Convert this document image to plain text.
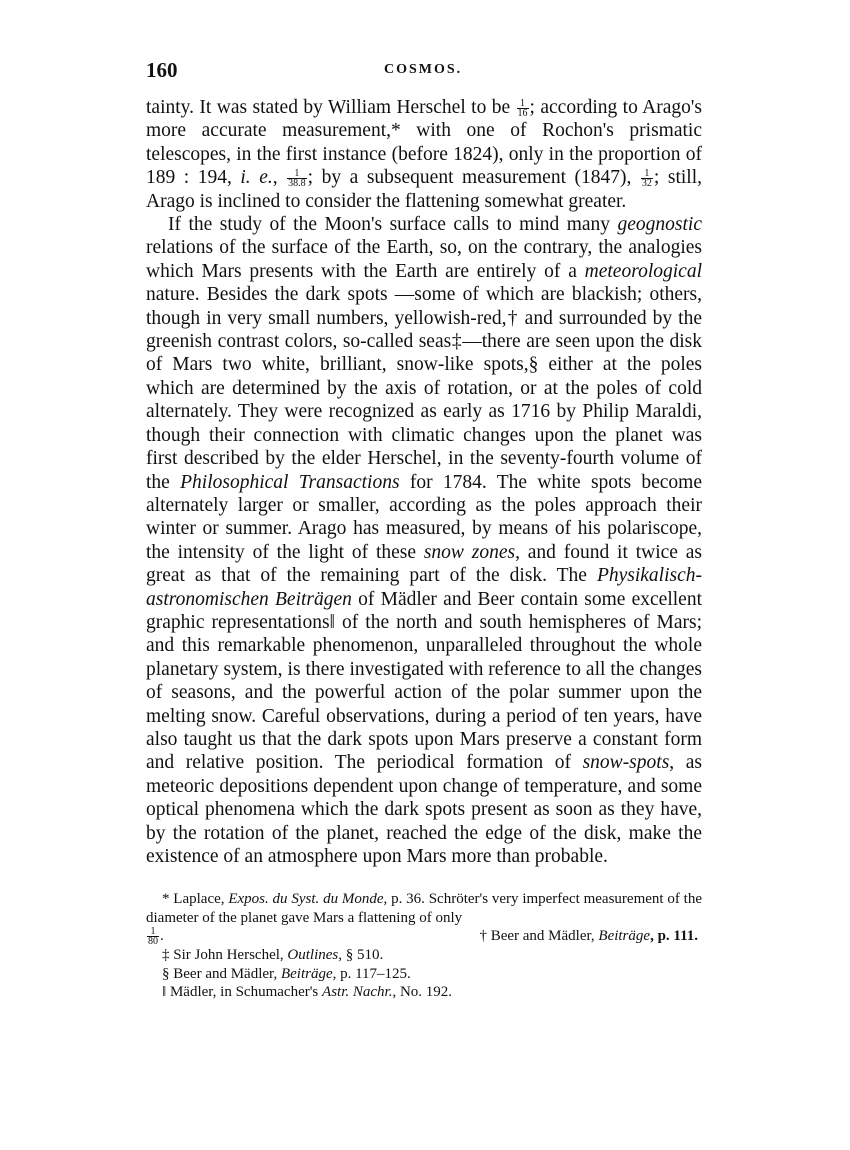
160	COSMOS.

tainty. It was stated by William Herschel to be $\frac{1}{16}$ ; according to Arago's more accurate measurement,* with one of Rochon's prismatic telescopes, in the first instance (before 1824), only in the proportion of 189 : 194, i. e., $\frac{1}{38.8}$ ; by a subsequent measurement (1847), $\frac{1}{32}$ ; still, Arago is inclined to consider the flattening somewhat greater.

If the study of the Moon's surface calls to mind many geognostic relations of the surface of the Earth, so, on the contrary, the analogies which Mars presents with the Earth are entirely of a meteorological nature. Besides the dark spots —some of which are blackish; others, though in very small numbers, yellowish-red,† and surrounded by the greenish contrast colors, so-called seas‡—there are seen upon the disk of Mars two white, brilliant, snow-like spots,§ either at the poles which are determined by the axis of rotation, or at the poles of cold alternately. They were recognized as early as 1716 by Philip Maraldi, though their connection with climatic changes upon the planet was first described by the elder Herschel, in the seventy-fourth volume of the Philosophical Transactions for 1784. The white spots become alternately larger or smaller, according as the poles approach their winter or summer. Arago has measured, by means of his polariscope, the intensity of the light of these snow zones, and found it twice as great as that of the remaining part of the disk. The Physikalisch-astronomischen Beiträgen of Mädler and Beer contain some excellent graphic representations‖ of the north and south hemispheres of Mars; and this remarkable phenomenon, unparalleled throughout the whole planetary system, is there investigated with reference to all the changes of seasons, and the powerful action of the polar summer upon the melting snow. Careful observations, during a period of ten years, have also taught us that the dark spots upon Mars preserve a constant form and relative position. The periodical formation of snow-spots, as meteoric depositions dependent upon change of temperature, and some optical phenomena which the dark spots present as soon as they have, by the rotation of the planet, reached the edge of the disk, make the existence of an atmosphere upon Mars more than probable.

* Laplace, Expos. du Syst. du Monde, p. 36. Schröter's very imperfect measurement of the diameter of the planet gave Mars a flattening of only

$\frac{1}{80}$ .	† Beer and Mädler, Beiträge, p. 111.

‡ Sir John Herschel, Outlines, § 510.

§ Beer and Mädler, Beiträge, p. 117–125.

‖ Mädler, in Schumacher's Astr. Nachr., No. 192.
